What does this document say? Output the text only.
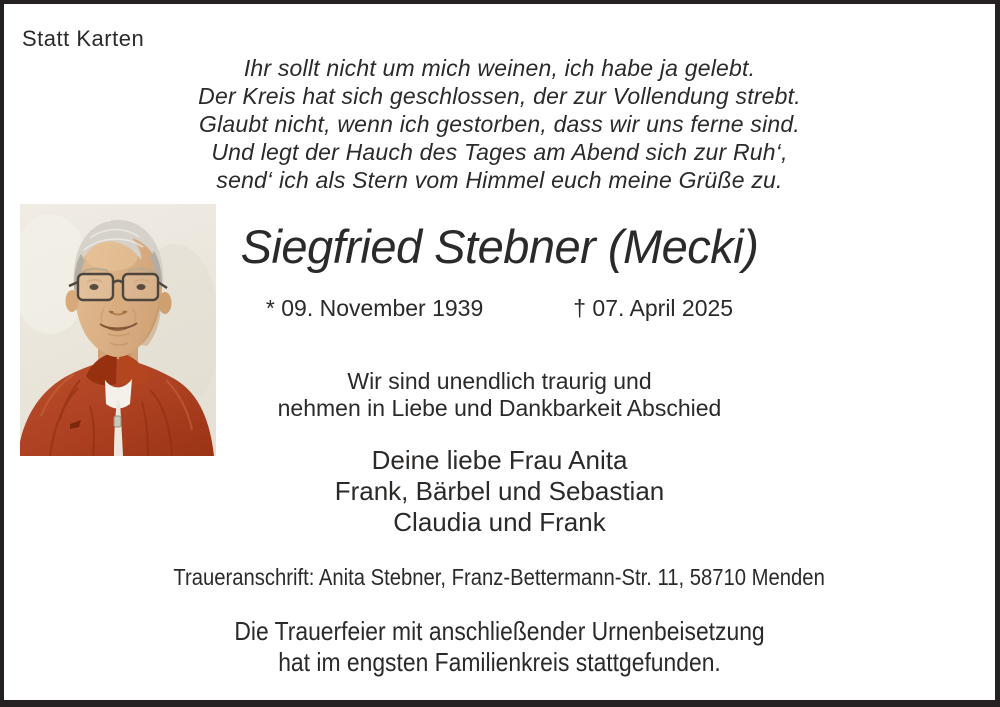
Statt Karten
Ihr sollt nicht um mich weinen, ich habe ja gelebt.
Der Kreis hat sich geschlossen, der zur Vollendung strebt.
Glaubt nicht, wenn ich gestorben, dass wir uns ferne sind.
Und legt der Hauch des Tages am Abend sich zur Ruh‘,
send‘ ich als Stern vom Himmel euch meine Grüße zu.
Siegfried Stebner (Mecki)
* 09. November 1939	† 07. April 2025
Wir sind unendlich traurig und
nehmen in Liebe und Dankbarkeit Abschied
Deine liebe Frau Anita
Frank, Bärbel und Sebastian
Claudia und Frank
Traueranschrift: Anita Stebner, Franz-Bettermann-Str. 11, 58710 Menden
Die Trauerfeier mit anschließender Urnenbeisetzung
hat im engsten Familienkreis stattgefunden.
